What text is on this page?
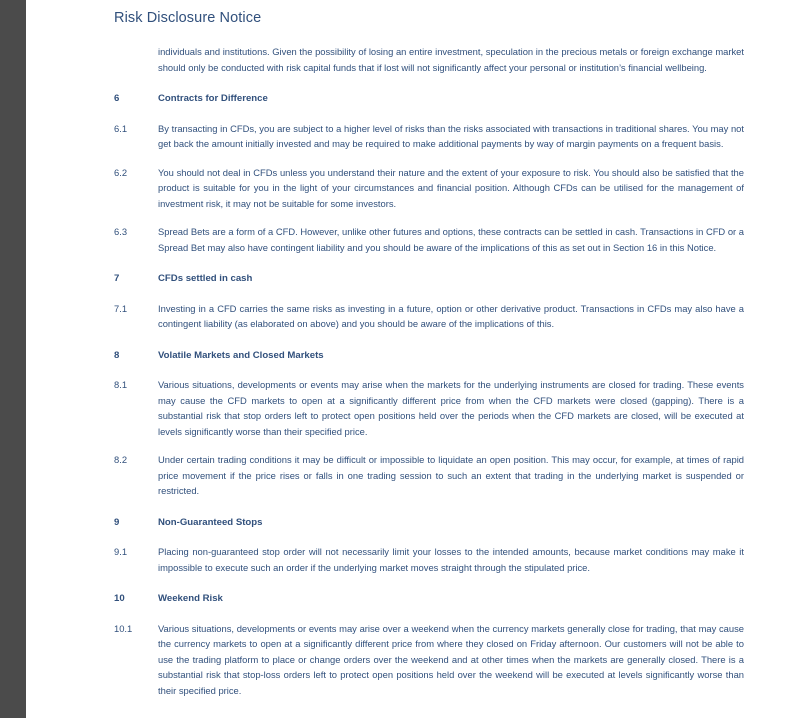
Risk Disclosure Notice
individuals and institutions. Given the possibility of losing an entire investment, speculation in the precious metals or foreign exchange market should only be conducted with risk capital funds that if lost will not significantly affect your personal or institution’s financial wellbeing.
6	Contracts for Difference
6.1	By transacting in CFDs, you are subject to a higher level of risks than the risks associated with transactions in traditional shares. You may not get back the amount initially invested and may be required to make additional payments by way of margin payments on a frequent basis.
6.2	You should not deal in CFDs unless you understand their nature and the extent of your exposure to risk. You should also be satisfied that the product is suitable for you in the light of your circumstances and financial position. Although CFDs can be utilised for the management of investment risk, it may not be suitable for some investors.
6.3	Spread Bets are a form of a CFD. However, unlike other futures and options, these contracts can be settled in cash. Transactions in CFD or a Spread Bet may also have contingent liability and you should be aware of the implications of this as set out in Section 16 in this Notice.
7	CFDs settled in cash
7.1	Investing in a CFD carries the same risks as investing in a future, option or other derivative product. Transactions in CFDs may also have a contingent liability (as elaborated on above) and you should be aware of the implications of this.
8	Volatile Markets and Closed Markets
8.1	Various situations, developments or events may arise when the markets for the underlying instruments are closed for trading. These events may cause the CFD markets to open at a significantly different price from when the CFD markets were closed (gapping). There is a substantial risk that stop orders left to protect open positions held over the periods when the CFD markets are closed, will be executed at levels significantly worse than their specified price.
8.2	Under certain trading conditions it may be difficult or impossible to liquidate an open position. This may occur, for example, at times of rapid price movement if the price rises or falls in one trading session to such an extent that trading in the underlying market is suspended or restricted.
9	Non-Guaranteed Stops
9.1	Placing non-guaranteed stop order will not necessarily limit your losses to the intended amounts, because market conditions may make it impossible to execute such an order if the underlying market moves straight through the stipulated price.
10	Weekend Risk
10.1	Various situations, developments or events may arise over a weekend when the currency markets generally close for trading, that may cause the currency markets to open at a significantly different price from where they closed on Friday afternoon. Our customers will not be able to use the trading platform to place or change orders over the weekend and at other times when the markets are generally closed. There is a substantial risk that stop-loss orders left to protect open positions held over the weekend will be executed at levels significantly worse than their specified price.
